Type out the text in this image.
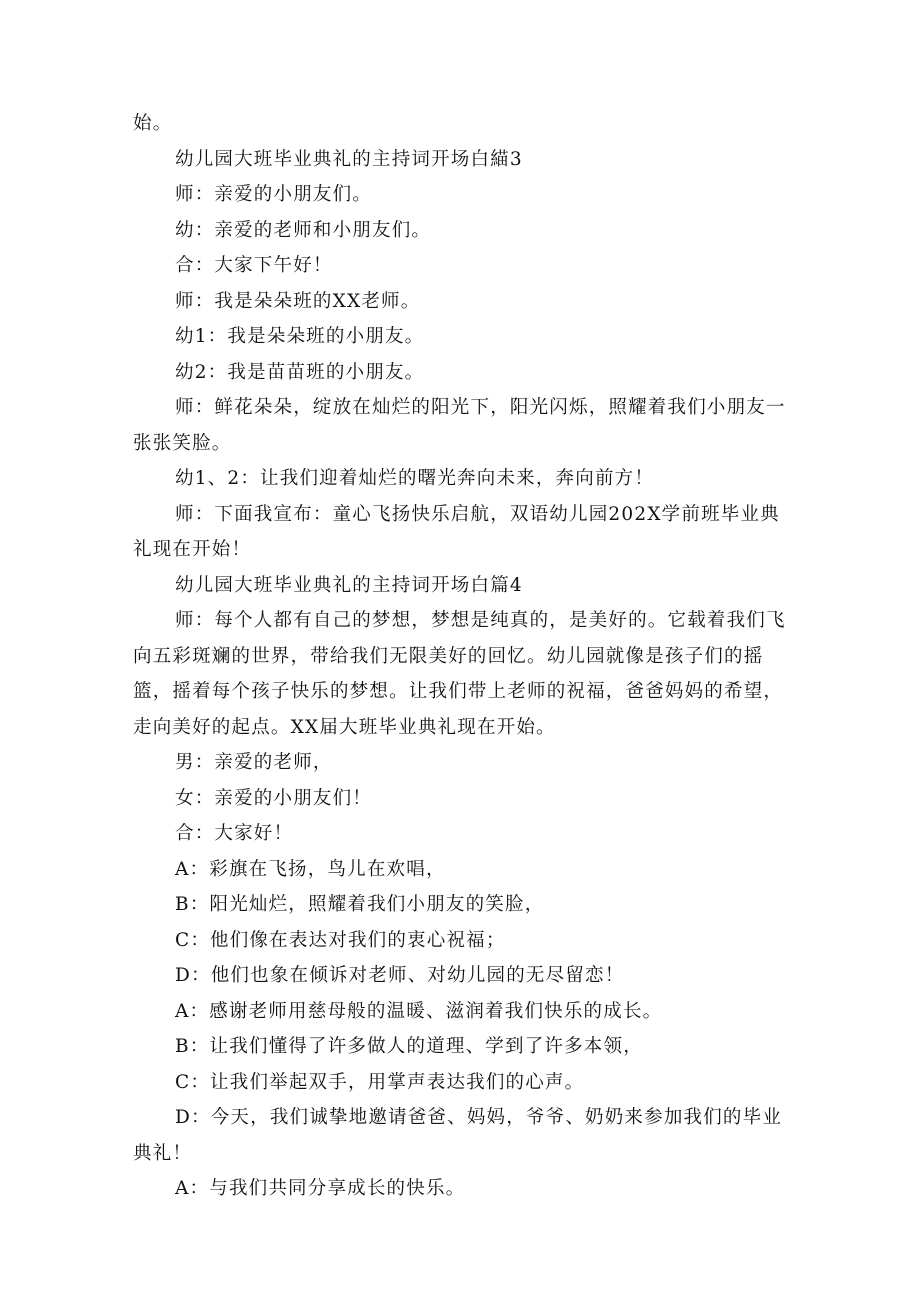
始。

幼儿园大班毕业典礼的主持词开场白緢3

师：亲爱的小朋友们。

幼：亲爱的老师和小朋友们。

合：大家下午好！

师：我是朵朵班的XX老师。

幼1：我是朵朵班的小朋友。

幼2：我是苗苗班的小朋友。

师：鲜花朵朵，绽放在灿烂的阳光下，阳光闪烁，照耀着我们小朋友一张张笑脸。

幼1、2：让我们迎着灿烂的曙光奔向未来，奔向前方！

师：下面我宣布：童心飞扬快乐启航，双语幼儿园202X学前班毕业典礼现在开始！

幼儿园大班毕业典礼的主持词开场白篇4

师：每个人都有自己的梦想，梦想是纯真的，是美好的。它载着我们飞向五彩斑斓的世界，带给我们无限美好的回忆。幼儿园就像是孩子们的摇篮，摇着每个孩子快乐的梦想。让我们带上老师的祝福，爸爸妈妈的希望，走向美好的起点。XX届大班毕业典礼现在开始。

男：亲爱的老师，

女：亲爱的小朋友们！

合：大家好！

A：彩旗在飞扬，鸟儿在欢唱，

B：阳光灿烂，照耀着我们小朋友的笑脸，

C：他们像在表达对我们的衷心祝福；

D：他们也象在倾诉对老师、对幼儿园的无尽留恋！

A：感谢老师用慈母般的温暖、滋润着我们快乐的成长。

B：让我们懂得了许多做人的道理、学到了许多本领，

C：让我们举起双手，用掌声表达我们的心声。

D：今天，我们诚挚地邀请爸爸、妈妈，爷爷、奶奶来参加我们的毕业典礼！

A：与我们共同分享成长的快乐。
